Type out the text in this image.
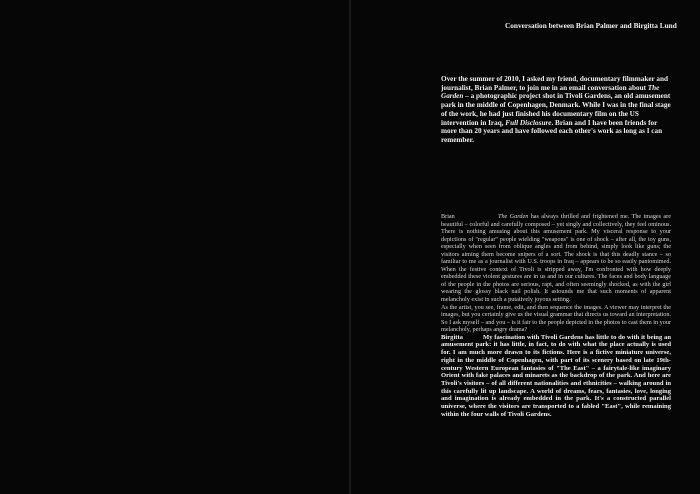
Conversation between Brian Palmer and Birgitta Lund

Over the summer of 2010, I asked my friend, documentary filmmaker and journalist, Brian Palmer, to join me in an email conversation about The Garden – a photographic project shot in Tivoli Gardens, an old amusement park in the middle of Copenhagen, Denmark. While I was in the final stage of the work, he had just finished his documentary film on the US intervention in Iraq, Full Disclosure. Brian and I have been friends for more than 20 years and have followed each other's work as long as I can remember.

Brian	The Garden has always thrilled and frightened me. The images are beautiful – colorful and carefully composed – yet singly and collectively, they feel ominous. There is nothing amusing about this amusement park. My visceral response to your depictions of "regular" people wielding "weapons" is one of shock – after all, the toy guns, especially when seen from oblique angles and from behind, simply look like guns; the visitors aiming them become snipers of a sort. The shock is that this deadly stance – so familiar to me as a journalist with U.S. troops in Iraq – appears to be so easily pantomimed. When the festive context of Tivoli is stripped away, I'm confronted with how deeply embedded these violent gestures are in us and in our cultures. The faces and body language of the people in the photos are serious, rapt, and often seemingly shocked, as with the girl wearing the glossy black nail polish. It astounds me that such moments of apparent melancholy exist in such a putatively joyous setting.

As the artist, you see, frame, edit, and then sequence the images. A viewer may interpret the images, but you certainly give us the visual grammar that directs us toward an interpretation. So I ask myself – and you – is it fair to the people depicted in the photos to cast them in your melancholy, perhaps angry drama?

Birgitta	My fascination with Tivoli Gardens has little to do with it being an amusement park: it has little, in fact, to do with what the place actually is used for. I am much more drawn to its fictions. Here is a fictive miniature universe, right in the middle of Copenhagen, with part of its scenery based on late 19th-century Western European fantasies of "The East" – a fairytale-like imaginary Orient with fake palaces and minarets as the backdrop of the park. And here are Tivoli's visitors – of all different nationalities and ethnicities – walking around in this carefully lit up landscape. A world of dreams, fears, fantasies, love, longing and imagination is already embedded in the park. It's a constructed parallel universe, where the visitors are transported to a fabled "East", while remaining within the four walls of Tivoli Gardens.
